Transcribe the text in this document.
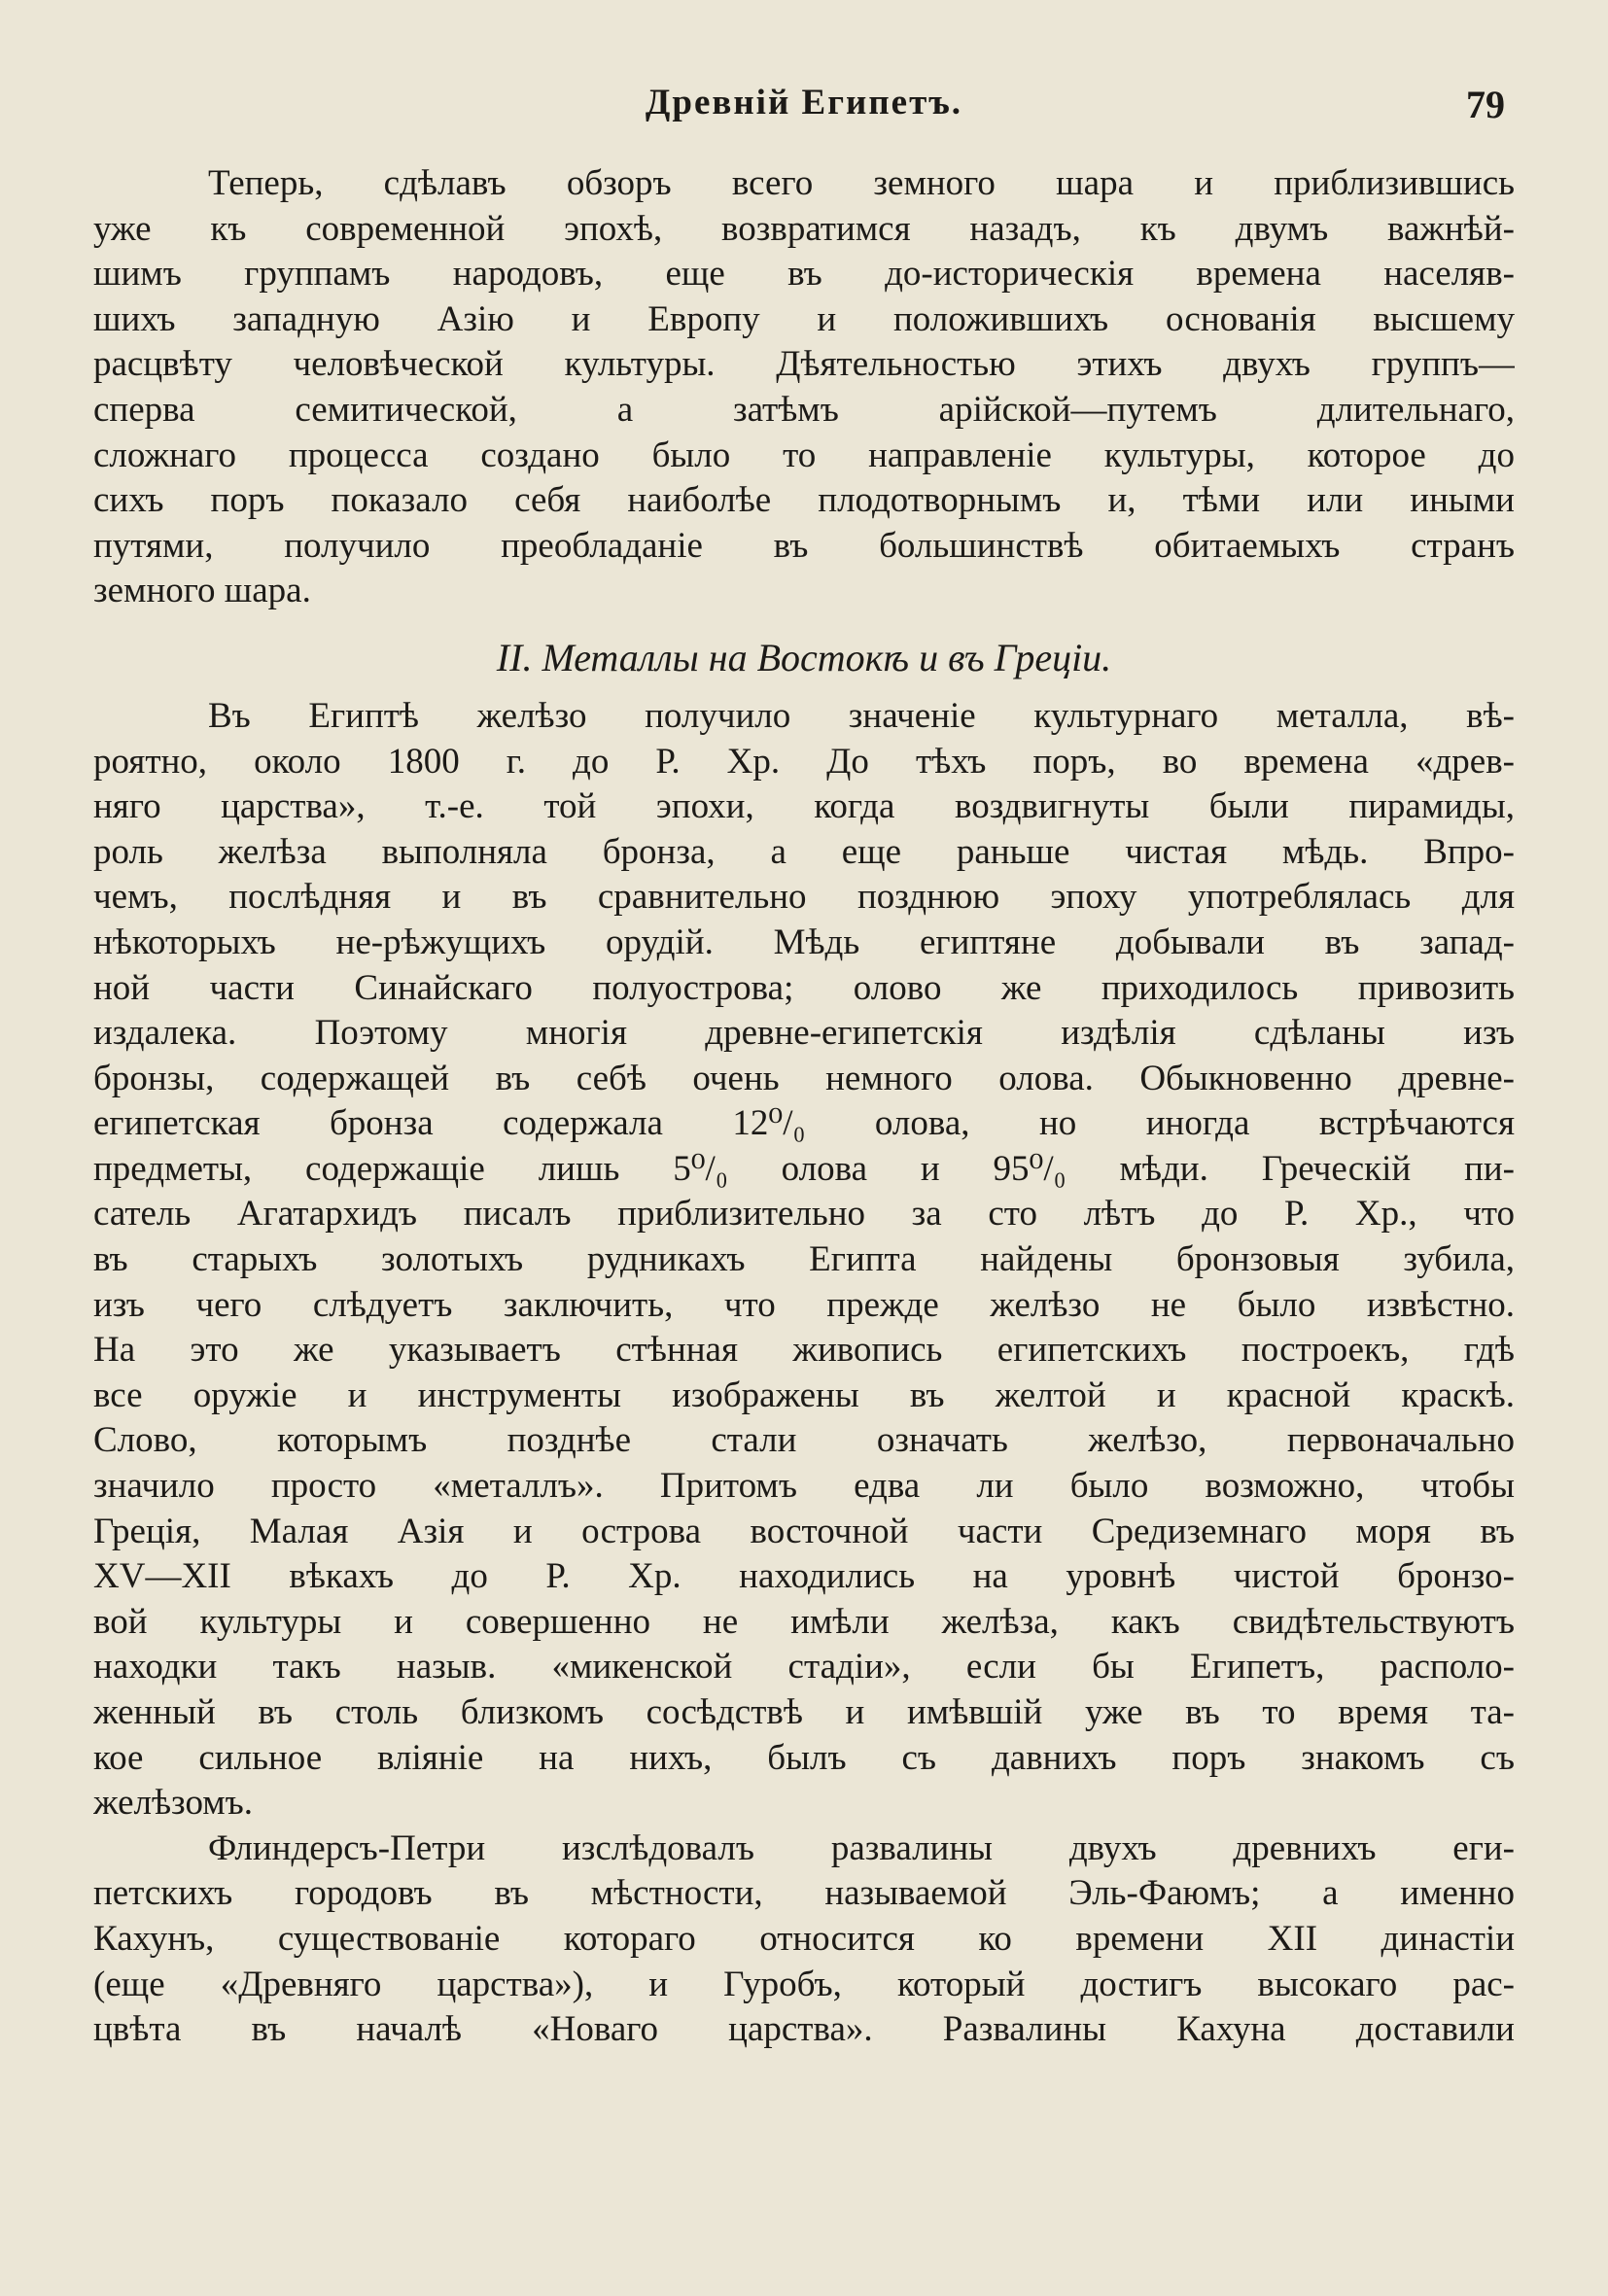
Древній Египетъ.	79
Теперь, сдѣлавъ обзоръ всего земного шара и приблизившись
уже къ современной эпохѣ, возвратимся назадъ, къ двумъ важнѣй-
шимъ группамъ народовъ, еще въ до-историческія времена населяв-
шихъ западную Азію и Европу и положившихъ основанія высшему
расцвѣту человѣческой культуры. Дѣятельностью этихъ двухъ группъ—
сперва семитической, а затѣмъ арійской—путемъ длительнаго,
сложнаго процесса создано было то направленіе культуры, которое до
сихъ поръ показало себя наиболѣе плодотворнымъ и, тѣми или иными
путями, получило преобладаніе въ большинствѣ обитаемыхъ странъ
земного шара.
II. Металлы на Востокѣ и въ Греціи.
Въ Египтѣ желѣзо получило значеніе культурнаго металла, вѣ-
роятно, около 1800 г. до Р. Хр. До тѣхъ поръ, во времена «древ-
няго царства», т.-е. той эпохи, когда воздвигнуты были пирамиды,
роль желѣза выполняла бронза, а еще раньше чистая мѣдь. Впро-
чемъ, послѣдняя и въ сравнительно позднюю эпоху употреблялась для
нѣкоторыхъ не-рѣжущихъ орудій. Мѣдь египтяне добывали въ запад-
ной части Синайскаго полуострова; олово же приходилось привозить
издалека. Поэтому многія древне-египетскія издѣлія сдѣланы изъ
бронзы, содержащей въ себѣ очень немного олова. Обыкновенно древне-
египетская бронза содержала 12⁰/₀ олова, но иногда встрѣчаются
предметы, содержащіе лишь 5⁰/₀ олова и 95⁰/₀ мѣди. Греческій пи-
сатель Агатархидъ писалъ приблизительно за сто лѣтъ до Р. Хр., что
въ старыхъ золотыхъ рудникахъ Египта найдены бронзовыя зубила,
изъ чего слѣдуетъ заключить, что прежде желѣзо не было извѣстно.
На это же указываетъ стѣнная живопись египетскихъ построекъ, гдѣ
все оружіе и инструменты изображены въ желтой и красной краскѣ.
Слово, которымъ позднѣе стали означать желѣзо, первоначально
значило просто «металлъ». Притомъ едва ли было возможно, чтобы
Греція, Малая Азія и острова восточной части Средиземнаго моря въ
XV—XII вѣкахъ до Р. Хр. находились на уровнѣ чистой бронзо-
вой культуры и совершенно не имѣли желѣза, какъ свидѣтельствуютъ
находки такъ назыв. «микенской стадіи», если бы Египетъ, располо-
женный въ столь близкомъ сосѣдствѣ и имѣвшій уже въ то время та-
кое сильное вліяніе на нихъ, былъ съ давнихъ поръ знакомъ съ
желѣзомъ.
Флиндерсъ-Петри изслѣдовалъ развалины двухъ древнихъ еги-
петскихъ городовъ въ мѣстности, называемой Эль-Фаюмъ; а именно
Кахунъ, существованіе котораго относится ко времени XII династіи
(еще «Древняго царства»), и Гуробъ, который достигъ высокаго рас-
цвѣта въ началѣ «Новаго царства». Развалины Кахуна доставили
